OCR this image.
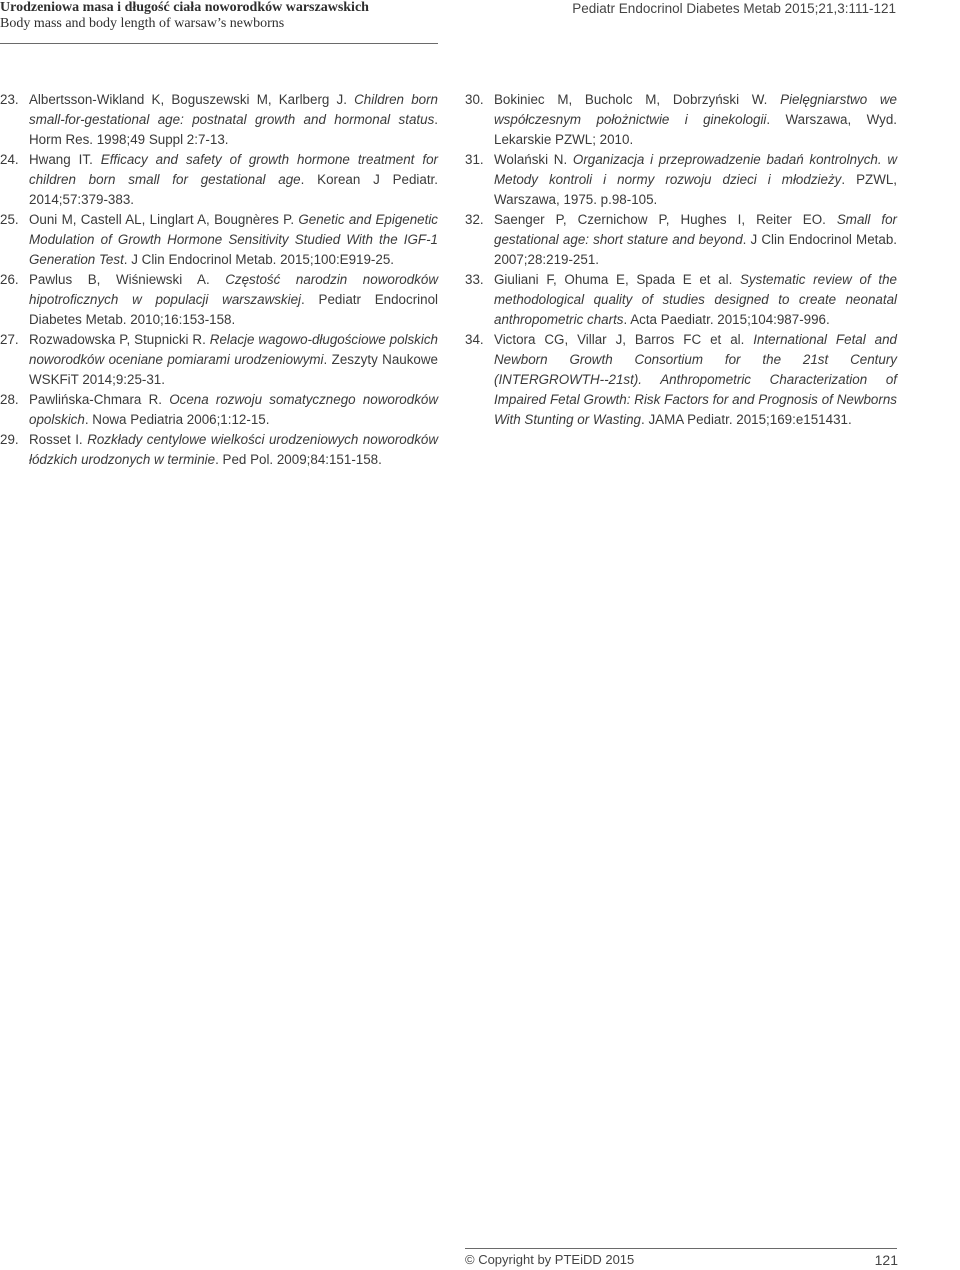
Urodzeniowa masa i długość ciała noworodków warszawskich
Body mass and body length of warsaw’s newborns
Pediatr Endocrinol Diabetes Metab 2015;21,3:111-121
23. Albertsson-Wikland K, Boguszewski M, Karlberg J. Children born small-for-gestational age: postnatal growth and hormonal status. Horm Res. 1998;49 Suppl 2:7-13.
24. Hwang IT. Efficacy and safety of growth hormone treatment for children born small for gestational age. Korean J Pediatr. 2014;57:379-383.
25. Ouni M, Castell AL, Linglart A, Bougnères P. Genetic and Epigenetic Modulation of Growth Hormone Sensitivity Studied With the IGF-1 Generation Test. J Clin Endocrinol Metab. 2015;100:E919-25.
26. Pawlus B, Wiśniewski A. Częstość narodzin noworodków hipotroficznych w populacji warszawskiej. Pediatr Endocrinol Diabetes Metab. 2010;16:153-158.
27. Rozwadowska P, Stupnicki R. Relacje wagowo-długościowe polskich noworodków oceniane pomiarami urodzeniowymi. Zeszyty Naukowe WSKFiT 2014;9:25-31.
28. Pawlińska-Chmara R. Ocena rozwoju somatycznego noworodków opolskich. Nowa Pediatria 2006;1:12-15.
29. Rosset I. Rozkłady centylowe wielkości urodzeniowych noworodków łódzkich urodzonych w terminie. Ped Pol. 2009;84:151-158.
30. Bokiniec M, Bucholc M, Dobrzyński W. Pielęgniarstwo we współczesnym położnictwie i ginekologii. Warszawa, Wyd. Lekarskie PZWL; 2010.
31. Wolański N. Organizacja i przeprowadzenie badań kontrolnych. w Metody kontroli i normy rozwoju dzieci i młodzieży. PZWL, Warszawa, 1975. p.98-105.
32. Saenger P, Czernichow P, Hughes I, Reiter EO. Small for gestational age: short stature and beyond. J Clin Endocrinol Metab. 2007;28:219-251.
33. Giuliani F, Ohuma E, Spada E et al. Systematic review of the methodological quality of studies designed to create neonatal anthropometric charts. Acta Paediatr. 2015;104:987-996.
34. Victora CG, Villar J, Barros FC et al. International Fetal and Newborn Growth Consortium for the 21st Century (INTERGROWTH--21st). Anthropometric Characterization of Impaired Fetal Growth: Risk Factors for and Prognosis of Newborns With Stunting or Wasting. JAMA Pediatr. 2015;169:e151431.
© Copyright by PTEiDD 2015	121
